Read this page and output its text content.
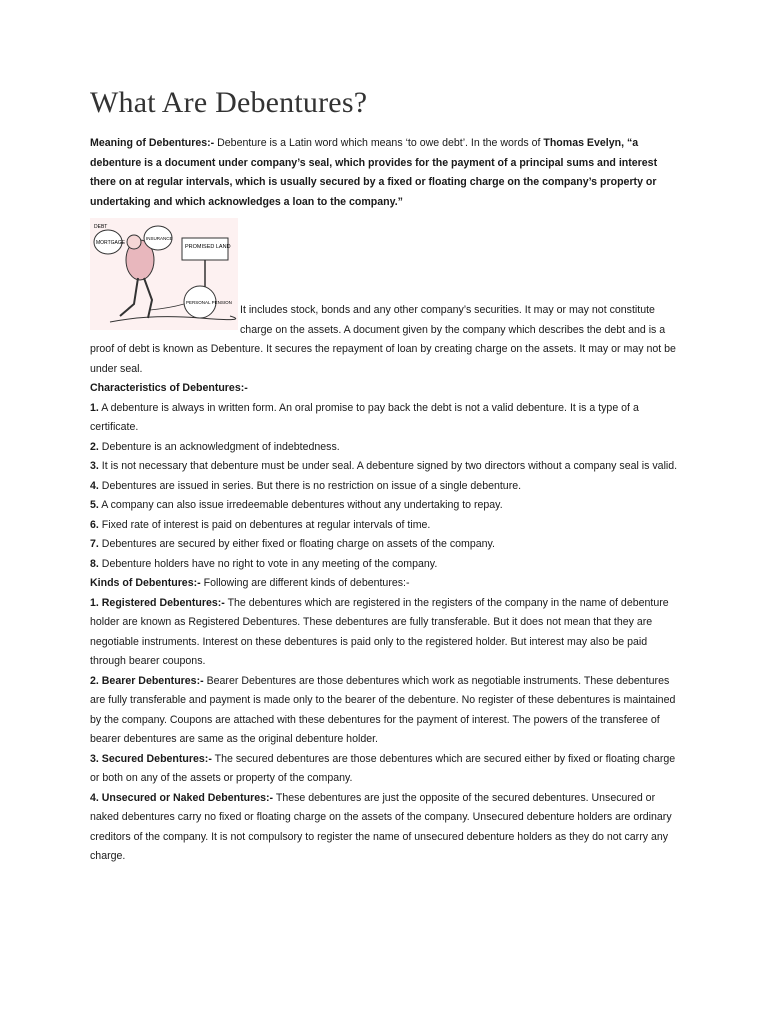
What Are Debentures?

Meaning of Debentures:- Debenture is a Latin word which means ‘to owe debt’. In the words of Thomas Evelyn, “a debenture is a document under company’s seal, which provides for the payment of a principal sums and interest there on at regular intervals, which is usually secured by a fixed or floating charge on the company’s property or undertaking and which acknowledges a loan to the company.”

DEBT
MORTGAGE
INSURANCE
PROMISED LAND
PERSONAL PENSION

It includes stock, bonds and any other company’s securities. It may or may not constitute charge on the assets. A document given by the company which describes the debt and is a proof of debt is known as Debenture. It secures the repayment of loan by creating charge on the assets. It may or may not be under seal.

Characteristics of Debentures:-

1. A debenture is always in written form. An oral promise to pay back the debt is not a valid debenture. It is a type of a certificate.

2. Debenture is an acknowledgment of indebtedness.

3. It is not necessary that debenture must be under seal. A debenture signed by two directors without a company seal is valid.

4. Debentures are issued in series. But there is no restriction on issue of a single debenture.

5. A company can also issue irredeemable debentures without any undertaking to repay.

6. Fixed rate of interest is paid on debentures at regular intervals of time.

7. Debentures are secured by either fixed or floating charge on assets of the company.

8. Debenture holders have no right to vote in any meeting of the company.

Kinds of Debentures:- Following are different kinds of debentures:-

1. Registered Debentures:- The debentures which are registered in the registers of the company in the name of debenture holder are known as Registered Debentures. These debentures are fully transferable. But it does not mean that they are negotiable instruments. Interest on these debentures is paid only to the registered holder. But interest may also be paid through bearer coupons.

2. Bearer Debentures:- Bearer Debentures are those debentures which work as negotiable instruments. These debentures are fully transferable and payment is made only to the bearer of the debenture. No register of these debentures is maintained by the company. Coupons are attached with these debentures for the payment of interest. The powers of the transferee of bearer debentures are same as the original debenture holder.

3. Secured Debentures:- The secured debentures are those debentures which are secured either by fixed or floating charge or both on any of the assets or property of the company.

4. Unsecured or Naked Debentures:- These debentures are just the opposite of the secured debentures. Unsecured or naked debentures carry no fixed or floating charge on the assets of the company. Unsecured debenture holders are ordinary creditors of the company. It is not compulsory to register the name of unsecured debenture holders as they do not carry any charge.
